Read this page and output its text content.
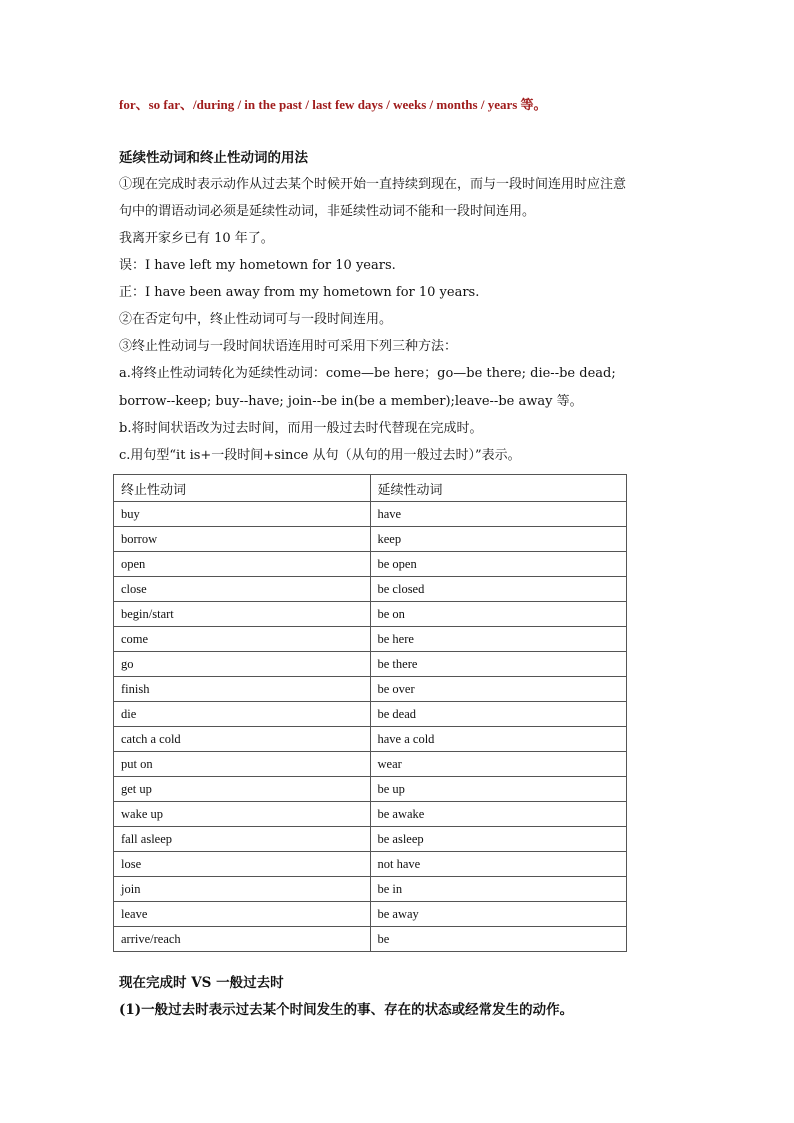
for、so far、/during / in the past / last few days / weeks / months / years 等。
延续性动词和终止性动词的用法
①现在完成时表示动作从过去某个时候开始一直持续到现在，而与一段时间连用时应注意
句中的谓语动词必须是延续性动词，非延续性动词不能和一段时间连用。
我离开家乡已有 10 年了。
误：I have left my hometown for 10 years.
正：I have been away from my hometown for 10 years.
②在否定句中，终止性动词可与一段时间连用。
③终止性动词与一段时间状语连用时可采用下列三种方法：
a.将终止性动词转化为延续性动词：come—be here；go—be there; die--be dead;
borrow--keep; buy--have; join--be in(be a member);leave--be away 等。
b.将时间状语改为过去时间，而用一般过去时代替现在完成时。
c.用句型“it is+一段时间+since 从句（从句的用一般过去时）”表示。
终止性动词	延续性动词
buy	have
borrow	keep
open	be open
close	be closed
begin/start	be on
come	be here
go	be there
finish	be over
die	be dead
catch a cold	have a cold
put on	wear
get up	be up
wake up	be awake
fall asleep	be asleep
lose	not have
join	be in
leave	be away
arrive/reach	be
现在完成时 VS 一般过去时
(1)一般过去时表示过去某个时间发生的事、存在的状态或经常发生的动作。
